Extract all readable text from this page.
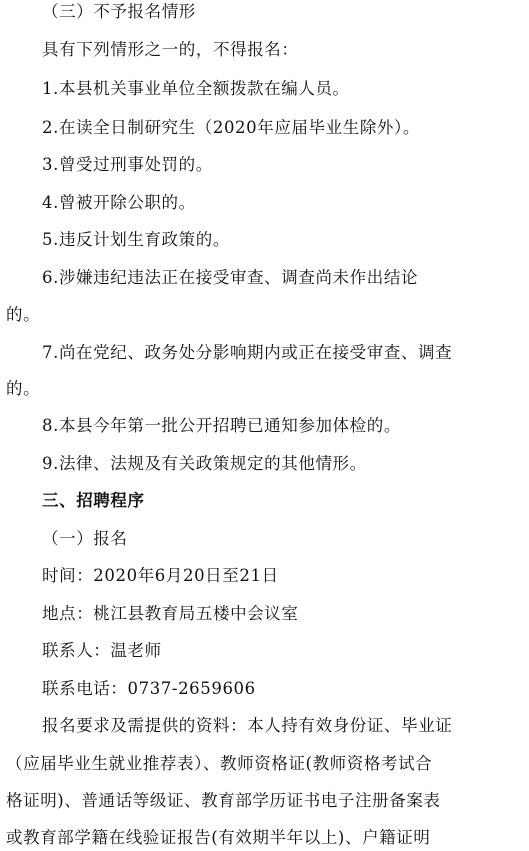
（三）不予报名情形
具有下列情形之一的，不得报名：
1.本县机关事业单位全额拨款在编人员。
2.在读全日制研究生（2020年应届毕业生除外）。
3.曾受过刑事处罚的。
4.曾被开除公职的。
5.违反计划生育政策的。
6.涉嫌违纪违法正在接受审查、调查尚未作出结论
的。
7.尚在党纪、政务处分影响期内或正在接受审查、调查
的。
8.本县今年第一批公开招聘已通知参加体检的。
9.法律、法规及有关政策规定的其他情形。
三、招聘程序
（一）报名
时间：2020年6月20日至21日
地点：桃江县教育局五楼中会议室
联系人：温老师
联系电话：0737-2659606
报名要求及需提供的资料：本人持有效身份证、毕业证
（应届毕业生就业推荐表）、教师资格证(教师资格考试合
格证明)、普通话等级证、教育部学历证书电子注册备案表
或教育部学籍在线验证报告(有效期半年以上)、户籍证明
